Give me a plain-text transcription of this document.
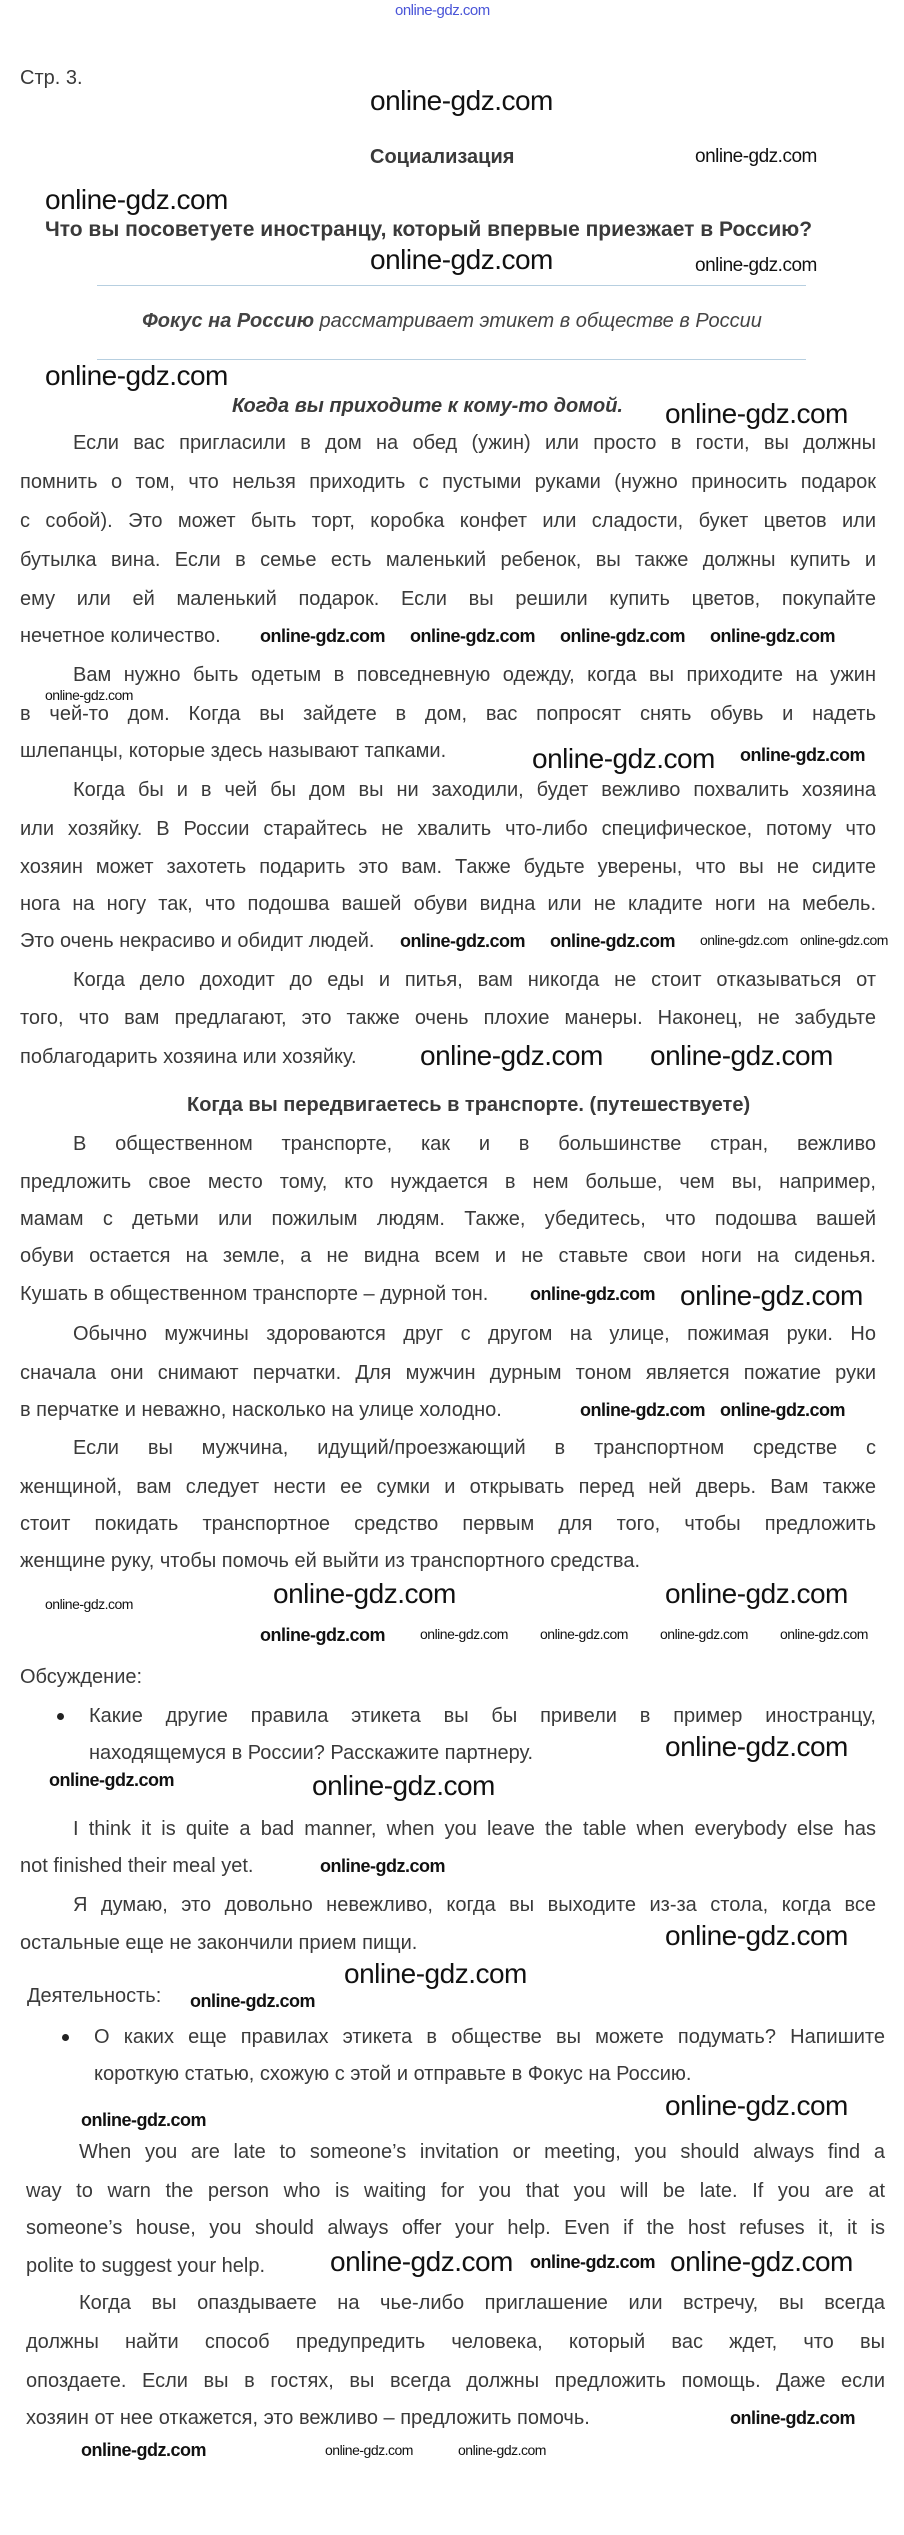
online-gdz.com
Стр. 3.
Социализация
Что вы посоветуете иностранцу, который впервые приезжает в Россию?
Фокус на Россию рассматривает этикет в обществе в России
Когда вы приходите к кому-то домой.
Если вас пригласили в дом на обед (ужин) или просто в гости, вы должны
помнить о том, что нельзя приходить с пустыми руками (нужно приносить подарок
с собой). Это может быть торт, коробка конфет или сладости, букет цветов или
бутылка вина. Если в семье есть маленький ребенок, вы также должны купить и
ему или ей маленький подарок. Если вы решили купить цветов, покупайте
нечетное количество.
Вам нужно быть одетым в повседневную одежду, когда вы приходите на ужин
в чей-то дом. Когда вы зайдете в дом, вас попросят снять обувь и надеть
шлепанцы, которые здесь называют тапками.
Когда бы и в чей бы дом вы ни заходили, будет вежливо похвалить хозяина
или хозяйку. В России старайтесь не хвалить что-либо специфическое, потому что
хозяин может захотеть подарить это вам. Также будьте уверены, что вы не сидите
нога на ногу так, что подошва вашей обуви видна или не кладите ноги на мебель.
Это очень некрасиво и обидит людей.
Когда дело доходит до еды и питья, вам никогда не стоит отказываться от
того, что вам предлагают, это также очень плохие манеры. Наконец, не забудьте
поблагодарить хозяина или хозяйку.
Когда вы передвигаетесь в транспорте. (путешествуете)
В общественном транспорте, как и в большинстве стран, вежливо
предложить свое место тому, кто нуждается в нем больше, чем вы, например,
мамам с детьми или пожилым людям. Также, убедитесь, что подошва вашей
обуви остается на земле, а не видна всем и не ставьте свои ноги на сиденья.
Кушать в общественном транспорте – дурной тон.
Обычно мужчины здороваются друг с другом на улице, пожимая руки. Но
сначала они снимают перчатки. Для мужчин дурным тоном является пожатие руки
в перчатке и неважно, насколько на улице холодно.
Если вы мужчина, идущий/проезжающий в транспортном средстве с
женщиной, вам следует нести ее сумки и открывать перед ней дверь. Вам также
стоит покидать транспортное средство первым для того, чтобы предложить
женщине руку, чтобы помочь ей выйти из транспортного средства.
Обсуждение:
Какие другие правила этикета вы бы привели в пример иностранцу,
находящемуся в России? Расскажите партнеру.
I think it is quite a bad manner, when you leave the table when everybody else has
not finished their meal yet.
Я думаю, это довольно невежливо, когда вы выходите из-за стола, когда все
остальные еще не закончили прием пищи.
Деятельность:
О каких еще правилах этикета в обществе вы можете подумать? Напишите
короткую статью, схожую с этой и отправьте в Фокус на Россию.
When you are late to someone’s invitation or meeting, you should always find a
way to warn the person who is waiting for you that you will be late. If you are at
someone’s house, you should always offer your help. Even if the host refuses it, it is
polite to suggest your help.
Когда вы опаздываете на чье-либо приглашение или встречу, вы всегда
должны найти способ предупредить человека, который вас ждет, что вы
опоздаете. Если вы в гостях, вы всегда должны предложить помощь. Даже если
хозяин от нее откажется, это вежливо – предложить помочь.
online-gdz.com
online-gdz.com
online-gdz.com
online-gdz.com	online-gdz.com
online-gdz.com
online-gdz.com
online-gdz.com online-gdz.com online-gdz.com online-gdz.com
online-gdz.com
online-gdz.com
online-gdz.com
online-gdz.com online-gdz.com online-gdz.com online-gdz.com
online-gdz.com online-gdz.com
online-gdz.com online-gdz.com
online-gdz.com online-gdz.com
online-gdz.com	online-gdz.com
online-gdz.com
online-gdz.com	online-gdz.com online-gdz.com online-gdz.com online-gdz.com
online-gdz.com
online-gdz.com	online-gdz.com
online-gdz.com
online-gdz.com
online-gdz.com
online-gdz.com
online-gdz.com
online-gdz.com
online-gdz.com online-gdz.com online-gdz.com
online-gdz.com
online-gdz.com	online-gdz.com	online-gdz.com
